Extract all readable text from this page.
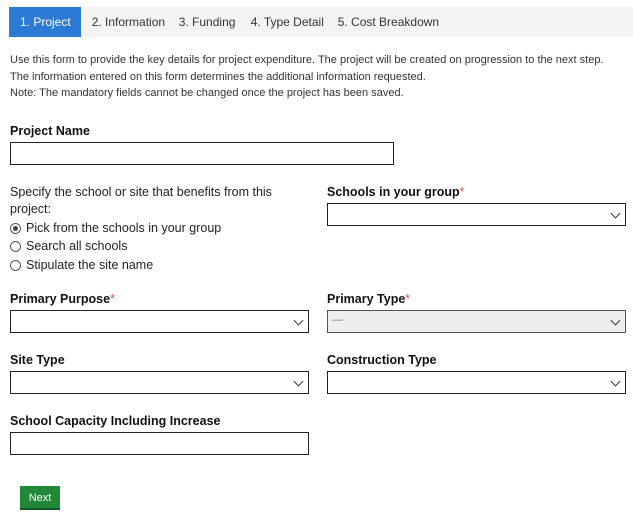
1. Project	2. Information	3. Funding	4. Type Detail	5. Cost Breakdown
Use this form to provide the key details for project expenditure. The project will be created on progression to the next step.
The information entered on this form determines the additional information requested.
Note: The mandatory fields cannot be changed once the project has been saved.
Project Name
Specify the school or site that benefits from this project:
Pick from the schools in your group
Search all schools
Stipulate the site name
Schools in your group*
Primary Purpose*	Primary Type*
—
Site Type	Construction Type
School Capacity Including Increase
Next
